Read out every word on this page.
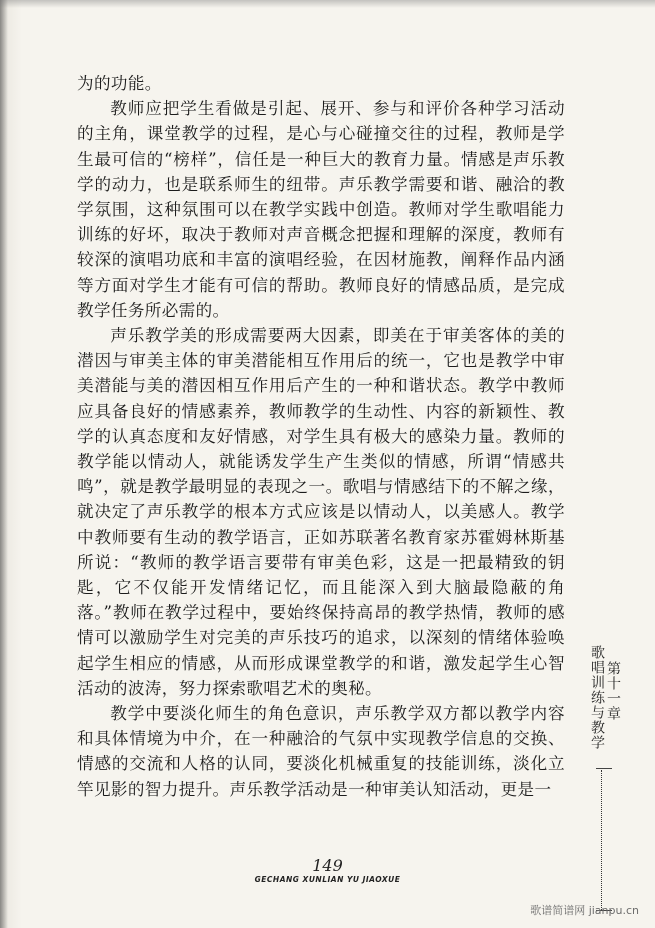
为的功能。

教师应把学生看做是引起、展开、参与和评价各种学习活动的主角，课堂教学的过程，是心与心碰撞交往的过程，教师是学生最可信的“榜样”，信任是一种巨大的教育力量。情感是声乐教学的动力，也是联系师生的纽带。声乐教学需要和谐、融洽的教学氛围，这种氛围可以在教学实践中创造。教师对学生歌唱能力训练的好坏，取决于教师对声音概念把握和理解的深度，教师有较深的演唱功底和丰富的演唱经验，在因材施教，阐释作品内涵等方面对学生才能有可信的帮助。教师良好的情感品质，是完成教学任务所必需的。

声乐教学美的形成需要两大因素，即美在于审美客体的美的潜因与审美主体的审美潜能相互作用后的统一，它也是教学中审美潜能与美的潜因相互作用后产生的一种和谐状态。教学中教师应具备良好的情感素养，教师教学的生动性、内容的新颖性、教学的认真态度和友好情感，对学生具有极大的感染力量。教师的教学能以情动人，就能诱发学生产生类似的情感，所谓“情感共鸣”，就是教学最明显的表现之一。歌唱与情感结下的不解之缘，就决定了声乐教学的根本方式应该是以情动人，以美感人。教学中教师要有生动的教学语言，正如苏联著名教育家苏霍姆林斯基所说：“教师的教学语言要带有审美色彩，这是一把最精致的钥匙，它不仅能开发情绪记忆，而且能深入到大脑最隐蔽的角落。”教师在教学过程中，要始终保持高昂的教学热情，教师的感情可以激励学生对完美的声乐技巧的追求，以深刻的情绪体验唤起学生相应的情感，从而形成课堂教学的和谐，激发起学生心智活动的波涛，努力探索歌唱艺术的奥秘。

教学中要淡化师生的角色意识，声乐教学双方都以教学内容和具体情境为中介，在一种融洽的气氛中实现教学信息的交换、情感的交流和人格的认同，要淡化机械重复的技能训练，淡化立竿见影的智力提升。声乐教学活动是一种审美认知活动，更是一

第十一章
歌唱训练与教学
149
GECHANG XUNLIAN YU JIAOXUE
歌谱简谱网 jianpu.cn
